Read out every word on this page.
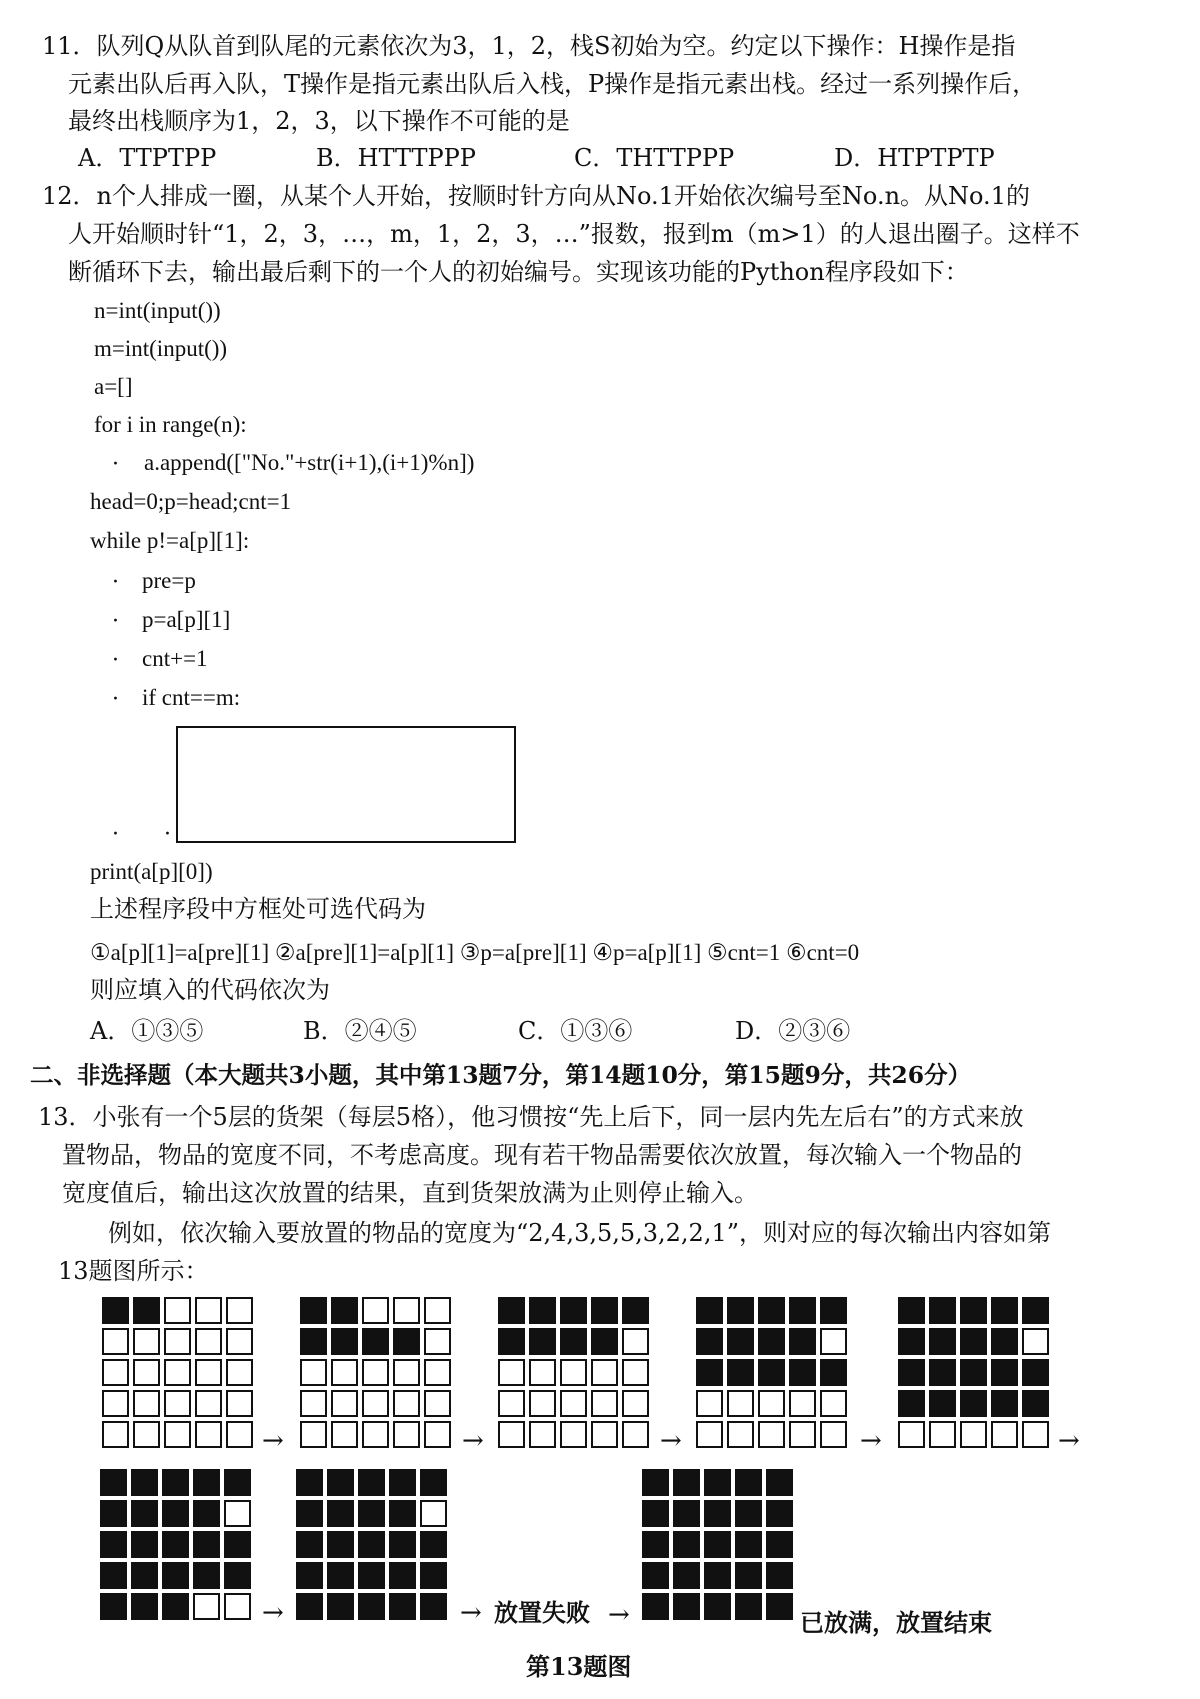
11．队列Q从队首到队尾的元素依次为3，1，2，栈S初始为空。约定以下操作：H操作是指
元素出队后再入队，T操作是指元素出队后入栈，P操作是指元素出栈。经过一系列操作后，
最终出栈顺序为1，2，3，以下操作不可能的是
A．TTPTPP	B．HTTTPPP	C．THTTPPP	D．HTPTPTP
12．n个人排成一圈，从某个人开始，按顺时针方向从No.1开始依次编号至No.n。从No.1的
人开始顺时针“1，2，3，…，m，1，2，3，…”报数，报到m（m>1）的人退出圈子。这样不
断循环下去，输出最后剩下的一个人的初始编号。实现该功能的Python程序段如下：
n=int(input())
m=int(input())
a=[]
for i in range(n):
· a.append(["No."+str(i+1),(i+1)%n])
head=0;p=head;cnt=1
while p!=a[p][1]:
· pre=p
· p=a[p][1]
· cnt+=1
· if cnt==m:
· ·
print(a[p][0])
上述程序段中方框处可选代码为
①a[p][1]=a[pre][1] ②a[pre][1]=a[p][1] ③p=a[pre][1] ④p=a[p][1] ⑤cnt=1 ⑥cnt=0
则应填入的代码依次为
A．①③⑤	B．②④⑤	C．①③⑥	D．②③⑥
二、非选择题（本大题共3小题，其中第13题7分，第14题10分，第15题9分，共26分）
13．小张有一个5层的货架（每层5格），他习惯按“先上后下，同一层内先左后右”的方式来放
置物品，物品的宽度不同，不考虑高度。现有若干物品需要依次放置，每次输入一个物品的
宽度值后，输出这次放置的结果，直到货架放满为止则停止输入。
例如，依次输入要放置的物品的宽度为“2,4,3,5,5,3,2,2,1”，则对应的每次输出内容如第
13题图所示：
→	→	→	→	→
→	→ 放置失败 →	已放满，放置结束
第13题图
